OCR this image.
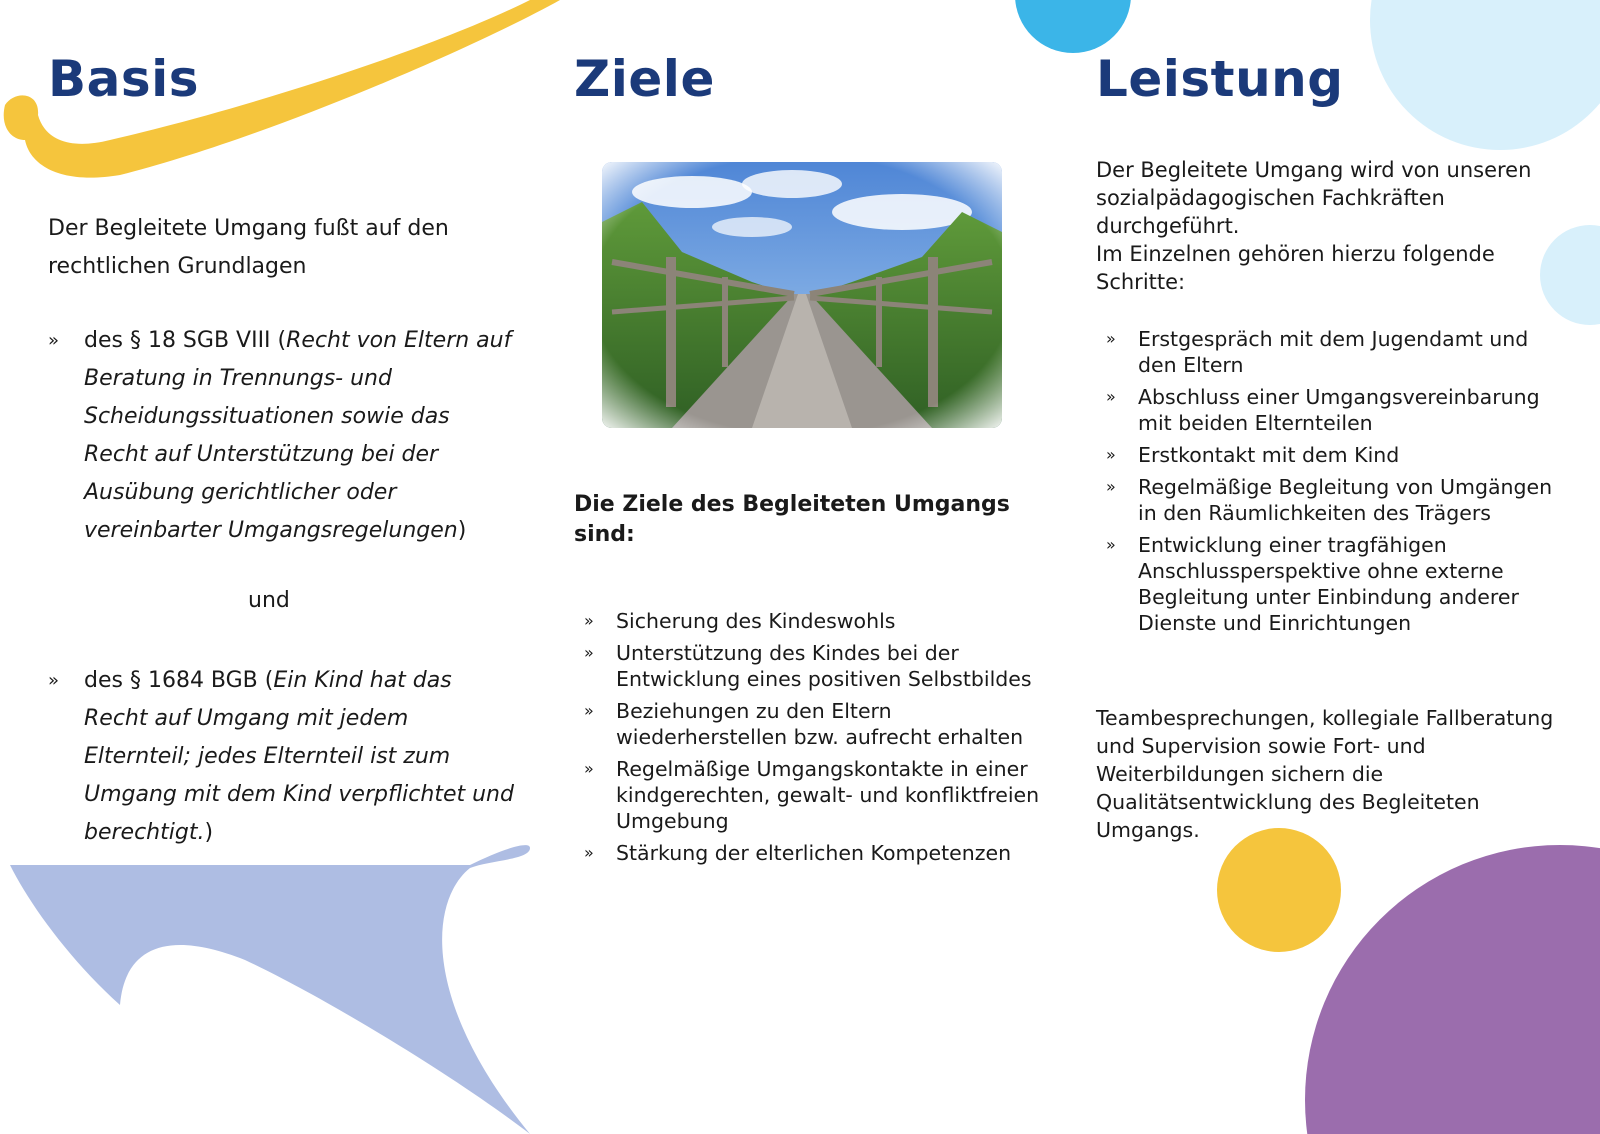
Basis

Der Begleitete Umgang fußt auf den rechtlichen Grundlagen

» des § 18 SGB VIII (Recht von Eltern auf Beratung in Trennungs- und Scheidungssituationen sowie das Recht auf Unterstützung bei der Ausübung gerichtlicher oder vereinbarter Umgangsregelungen)
und
» des § 1684 BGB (Ein Kind hat das Recht auf Umgang mit jedem Elternteil; jedes Elternteil ist zum Umgang mit dem Kind verpflichtet und berechtigt.)
Ziele

Die Ziele des Begleiteten Umgangs sind:

» Sicherung des Kindeswohls
» Unterstützung des Kindes bei der Entwicklung eines positiven Selbstbildes
» Beziehungen zu den Eltern wiederherstellen bzw. aufrecht erhalten
» Regelmäßige Umgangskontakte in einer kindgerechten, gewalt- und konfliktfreien Umgebung
» Stärkung der elterlichen Kompetenzen
Leistung

Der Begleitete Umgang wird von unseren sozialpädagogischen Fachkräften durchgeführt.
Im Einzelnen gehören hierzu folgende Schritte:

» Erstgespräch mit dem Jugendamt und den Eltern
» Abschluss einer Umgangsvereinbarung mit beiden Elternteilen
» Erstkontakt mit dem Kind
» Regelmäßige Begleitung von Umgängen in den Räumlichkeiten des Trägers
» Entwicklung einer tragfähigen Anschlussperspektive ohne externe Begleitung unter Einbindung anderer Dienste und Einrichtungen

Teambesprechungen, kollegiale Fallberatung und Supervision sowie Fort- und Weiterbildungen sichern die Qualitätsentwicklung des Begleiteten Umgangs.
